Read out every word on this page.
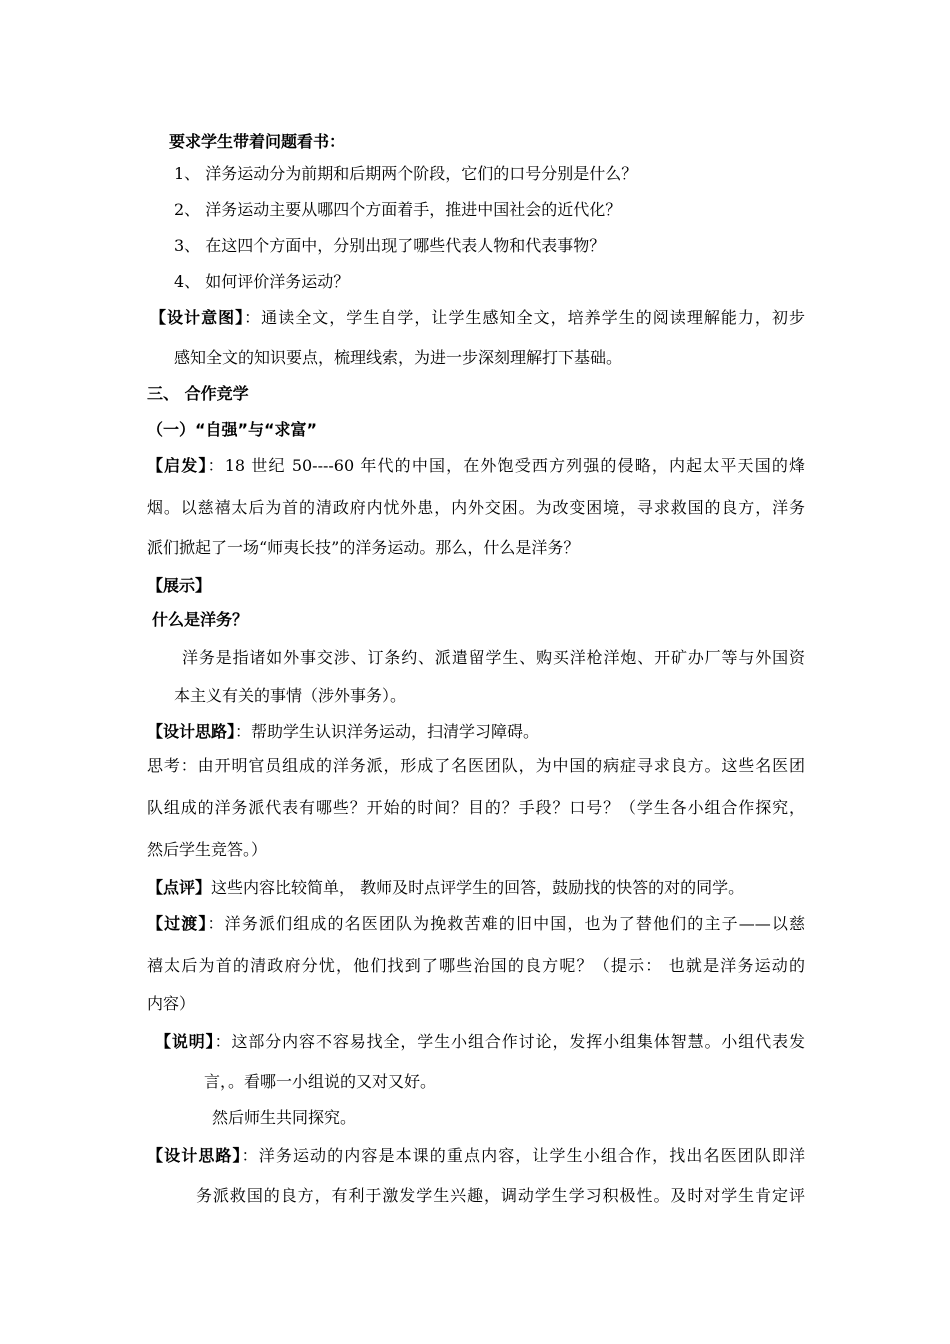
要求学生带着问题看书：
1、 洋务运动分为前期和后期两个阶段，它们的口号分别是什么？
2、 洋务运动主要从哪四个方面着手，推进中国社会的近代化？
3、 在这四个方面中，分别出现了哪些代表人物和代表事物？
4、 如何评价洋务运动？
【设计意图】：通读全文，学生自学，让学生感知全文，培养学生的阅读理解能力，初步
感知全文的知识要点，梳理线索，为进一步深刻理解打下基础。
三、 合作竞学
（一）“自强”与“求富”
【启发】：18 世纪 50----60 年代的中国，在外饱受西方列强的侵略，内起太平天国的烽
烟。以慈禧太后为首的清政府内忧外患，内外交困。为改变困境，寻求救国的良方，洋务
派们掀起了一场“师夷长技”的洋务运动。那么，什么是洋务？
【展示】
什么是洋务？
洋务是指诸如外事交涉、订条约、派遣留学生、购买洋枪洋炮、开矿办厂等与外国资
本主义有关的事情（涉外事务）。
【设计思路】：帮助学生认识洋务运动，扫清学习障碍。
思考：由开明官员组成的洋务派，形成了名医团队，为中国的病症寻求良方。这些名医团
队组成的洋务派代表有哪些？开始的时间？目的？手段？口号？（学生各小组合作探究，
然后学生竞答。）
【点评】这些内容比较简单， 教师及时点评学生的回答，鼓励找的快答的对的同学。
【过渡】：洋务派们组成的名医团队为挽救苦难的旧中国，也为了替他们的主子——以慈
禧太后为首的清政府分忧，他们找到了哪些治国的良方呢？（提示： 也就是洋务运动的
内容）
【说明】：这部分内容不容易找全，学生小组合作讨论，发挥小组集体智慧。小组代表发
言，。看哪一小组说的又对又好。
然后师生共同探究。
【设计思路】：洋务运动的内容是本课的重点内容，让学生小组合作，找出名医团队即洋
务派救国的良方，有利于激发学生兴趣，调动学生学习积极性。及时对学生肯定评
